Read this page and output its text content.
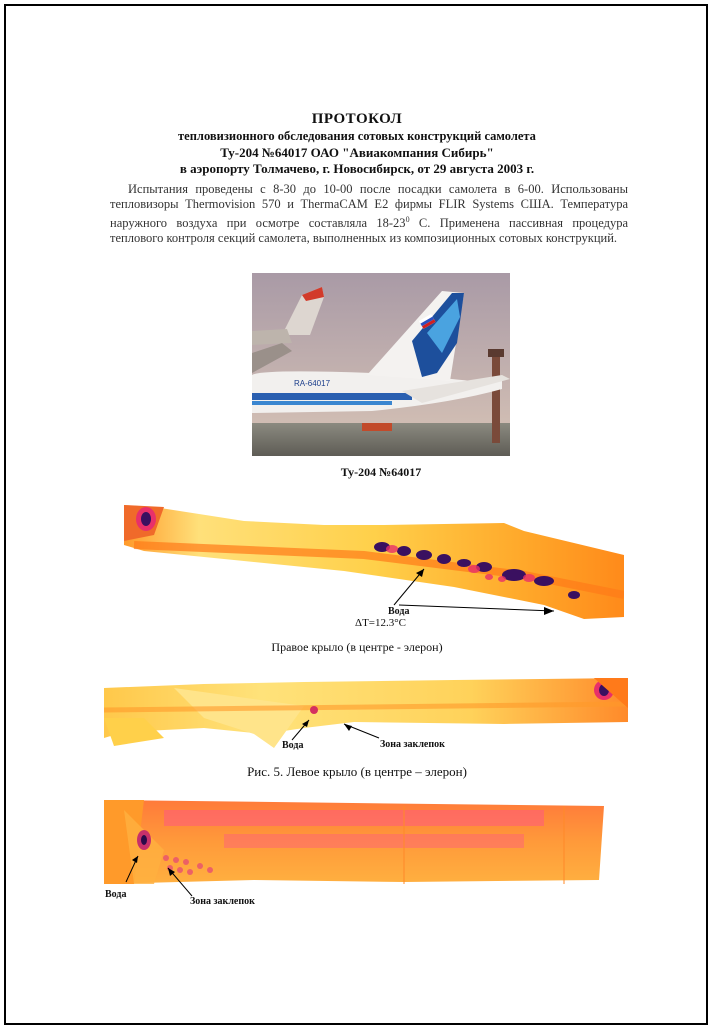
ПРОТОКОЛ
тепловизионного обследования сотовых конструкций самолета
Ту-204 №64017 ОАО "Авиакомпания Сибирь"
в аэропорту Толмачево, г. Новосибирск, от 29 августа 2003 г.
Испытания проведены с 8-30 до 10-00 после посадки самолета в 6-00. Использованы тепловизоры Thermovision 570 и ThermaCAM E2 фирмы FLIR Systems США. Температура наружного воздуха при осмотре составляла $18-23^0$ С. Применена пассивная процедура теплового контроля секций самолета, выполненных из композиционных сотовых конструкций.
RA-64017
Ту-204 №64017
Вода
ΔT=12.3°C
Правое крыло (в центре - элерон)
Вода	Зона заклепок
Рис. 5. Левое крыло (в центре – элерон)
Вода
Зона заклепок
